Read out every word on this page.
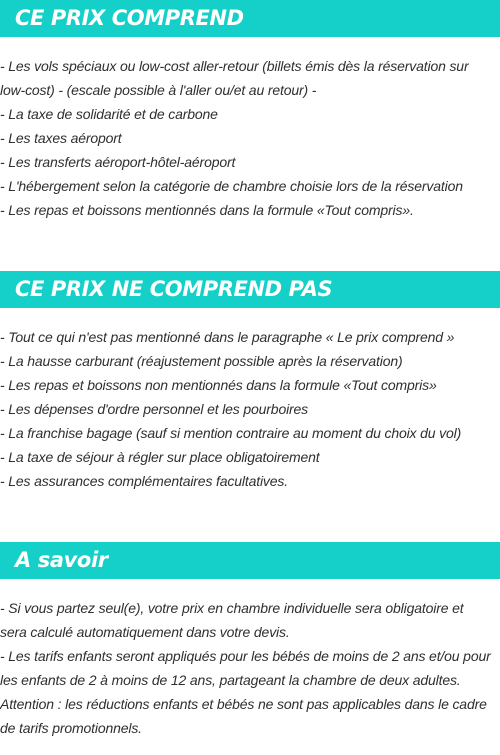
CE PRIX COMPREND
- Les vols spéciaux ou low-cost aller-retour (billets émis dès la réservation sur
low-cost) - (escale possible à l'aller ou/et au retour) -
- La taxe de solidarité et de carbone
- Les taxes aéroport
- Les transferts aéroport-hôtel-aéroport
- L'hébergement selon la catégorie de chambre choisie lors de la réservation
- Les repas et boissons mentionnés dans la formule «Tout compris».
CE PRIX NE COMPREND PAS
- Tout ce qui n'est pas mentionné dans le paragraphe « Le prix comprend »
- La hausse carburant (réajustement possible après la réservation)
- Les repas et boissons non mentionnés dans la formule «Tout compris»
- Les dépenses d'ordre personnel et les pourboires
- La franchise bagage (sauf si mention contraire au moment du choix du vol)
- La taxe de séjour à régler sur place obligatoirement
- Les assurances complémentaires facultatives.
A savoir
- Si vous partez seul(e), votre prix en chambre individuelle sera obligatoire et
sera calculé automatiquement dans votre devis.
- Les tarifs enfants seront appliqués pour les bébés de moins de 2 ans et/ou pour
les enfants de 2 à moins de 12 ans, partageant la chambre de deux adultes.
Attention : les réductions enfants et bébés ne sont pas applicables dans le cadre
de tarifs promotionnels.
